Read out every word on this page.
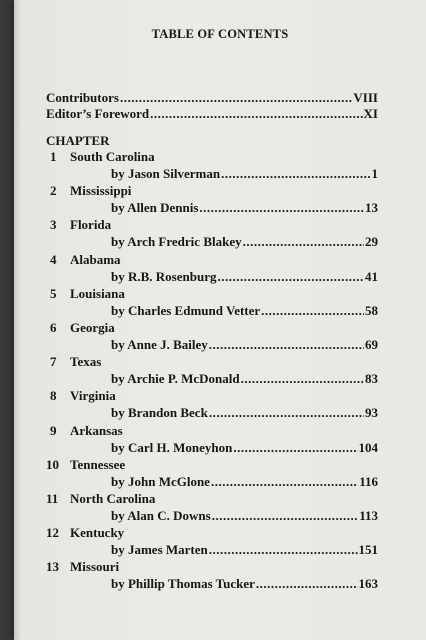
TABLE OF CONTENTS
Contributors .....	VIII
Editor’s Foreword .....	XI
CHAPTER
1 South Carolina
by Jason Silverman .....	1
2 Mississippi
by Allen Dennis .....	13
3 Florida
by Arch Fredric Blakey .....	29
4 Alabama
by R.B. Rosenburg .....	41
5 Louisiana
by Charles Edmund Vetter .....	58
6 Georgia
by Anne J. Bailey .....	69
7 Texas
by Archie P. McDonald .....	83
8 Virginia
by Brandon Beck .....	93
9 Arkansas
by Carl H. Moneyhon .....	104
10 Tennessee
by John McGlone .....	116
11 North Carolina
by Alan C. Downs .....	113
12 Kentucky
by James Marten .....	151
13 Missouri
by Phillip Thomas Tucker .....	163
